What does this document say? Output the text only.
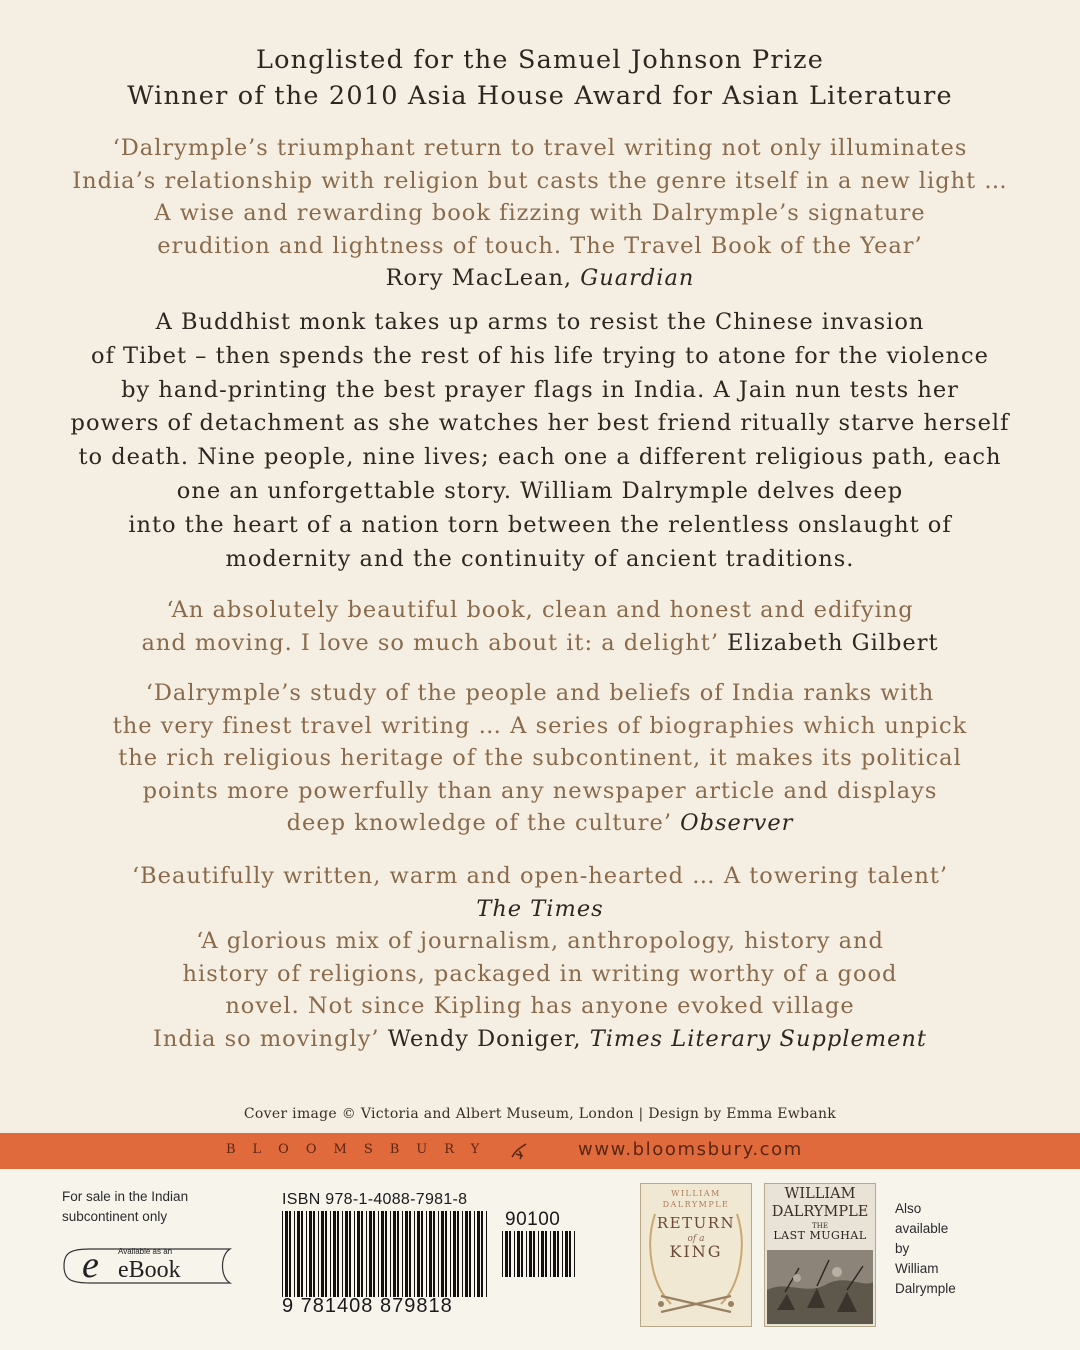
Longlisted for the Samuel Johnson Prize
Winner of the 2010 Asia House Award for Asian Literature
‘Dalrymple’s triumphant return to travel writing not only illuminates
India’s relationship with religion but casts the genre itself in a new light …
A wise and rewarding book fizzing with Dalrymple’s signature
erudition and lightness of touch. The Travel Book of the Year’
Rory MacLean, Guardian
A Buddhist monk takes up arms to resist the Chinese invasion
of Tibet – then spends the rest of his life trying to atone for the violence
by hand-printing the best prayer flags in India. A Jain nun tests her
powers of detachment as she watches her best friend ritually starve herself
to death. Nine people, nine lives; each one a different religious path, each
one an unforgettable story. William Dalrymple delves deep
into the heart of a nation torn between the relentless onslaught of
modernity and the continuity of ancient traditions.
‘An absolutely beautiful book, clean and honest and edifying
and moving. I love so much about it: a delight’ Elizabeth Gilbert
‘Dalrymple’s study of the people and beliefs of India ranks with
the very finest travel writing … A series of biographies which unpick
the rich religious heritage of the subcontinent, it makes its political
points more powerfully than any newspaper article and displays
deep knowledge of the culture’ Observer
‘Beautifully written, warm and open-hearted … A towering talent’
The Times
‘A glorious mix of journalism, anthropology, history and
history of religions, packaged in writing worthy of a good
novel. Not since Kipling has anyone evoked village
India so movingly’ Wendy Doniger, Times Literary Supplement
Cover image © Victoria and Albert Museum, London | Design by Emma Ewbank
BLOOMSBURY	www.bloomsbury.com
For sale in the Indian subcontinent only
Available as an
e eBook
ISBN 978-1-4088-7981-8
90100
9 781408 879818
WILLIAM DALRYMPLE
RETURN
of a
KING
WILLIAM DALRYMPLE
THE
LAST MUGHAL
Also
available
by
William
Dalrymple
